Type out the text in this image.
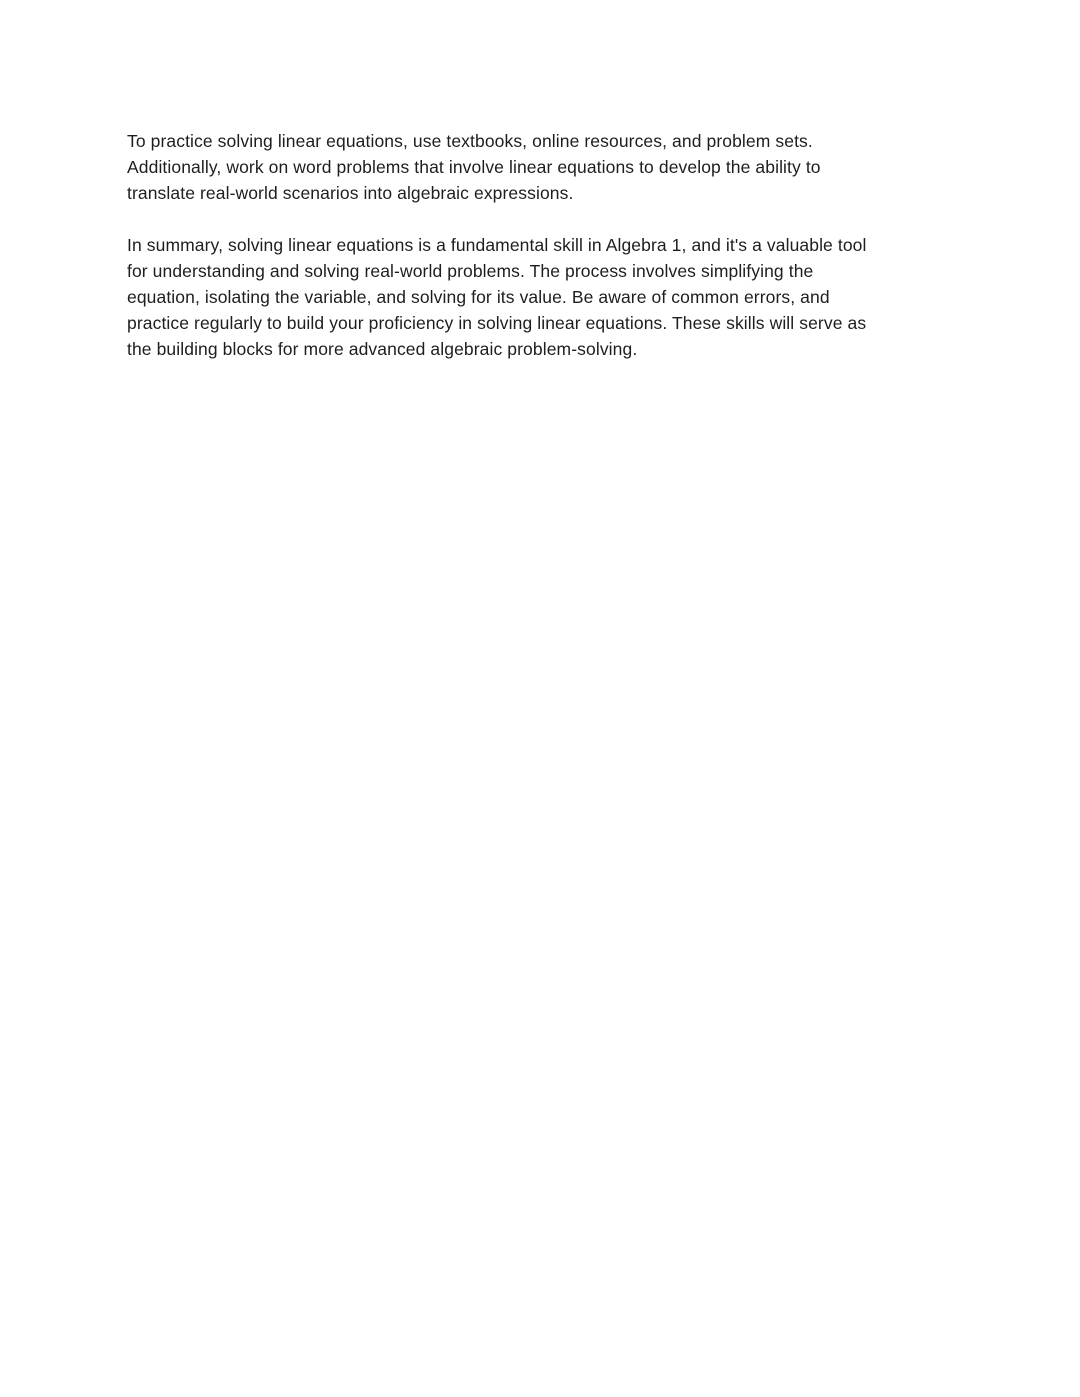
To practice solving linear equations, use textbooks, online resources, and problem sets.
Additionally, work on word problems that involve linear equations to develop the ability to
translate real-world scenarios into algebraic expressions.

In summary, solving linear equations is a fundamental skill in Algebra 1, and it's a valuable tool
for understanding and solving real-world problems. The process involves simplifying the
equation, isolating the variable, and solving for its value. Be aware of common errors, and
practice regularly to build your proficiency in solving linear equations. These skills will serve as
the building blocks for more advanced algebraic problem-solving.
